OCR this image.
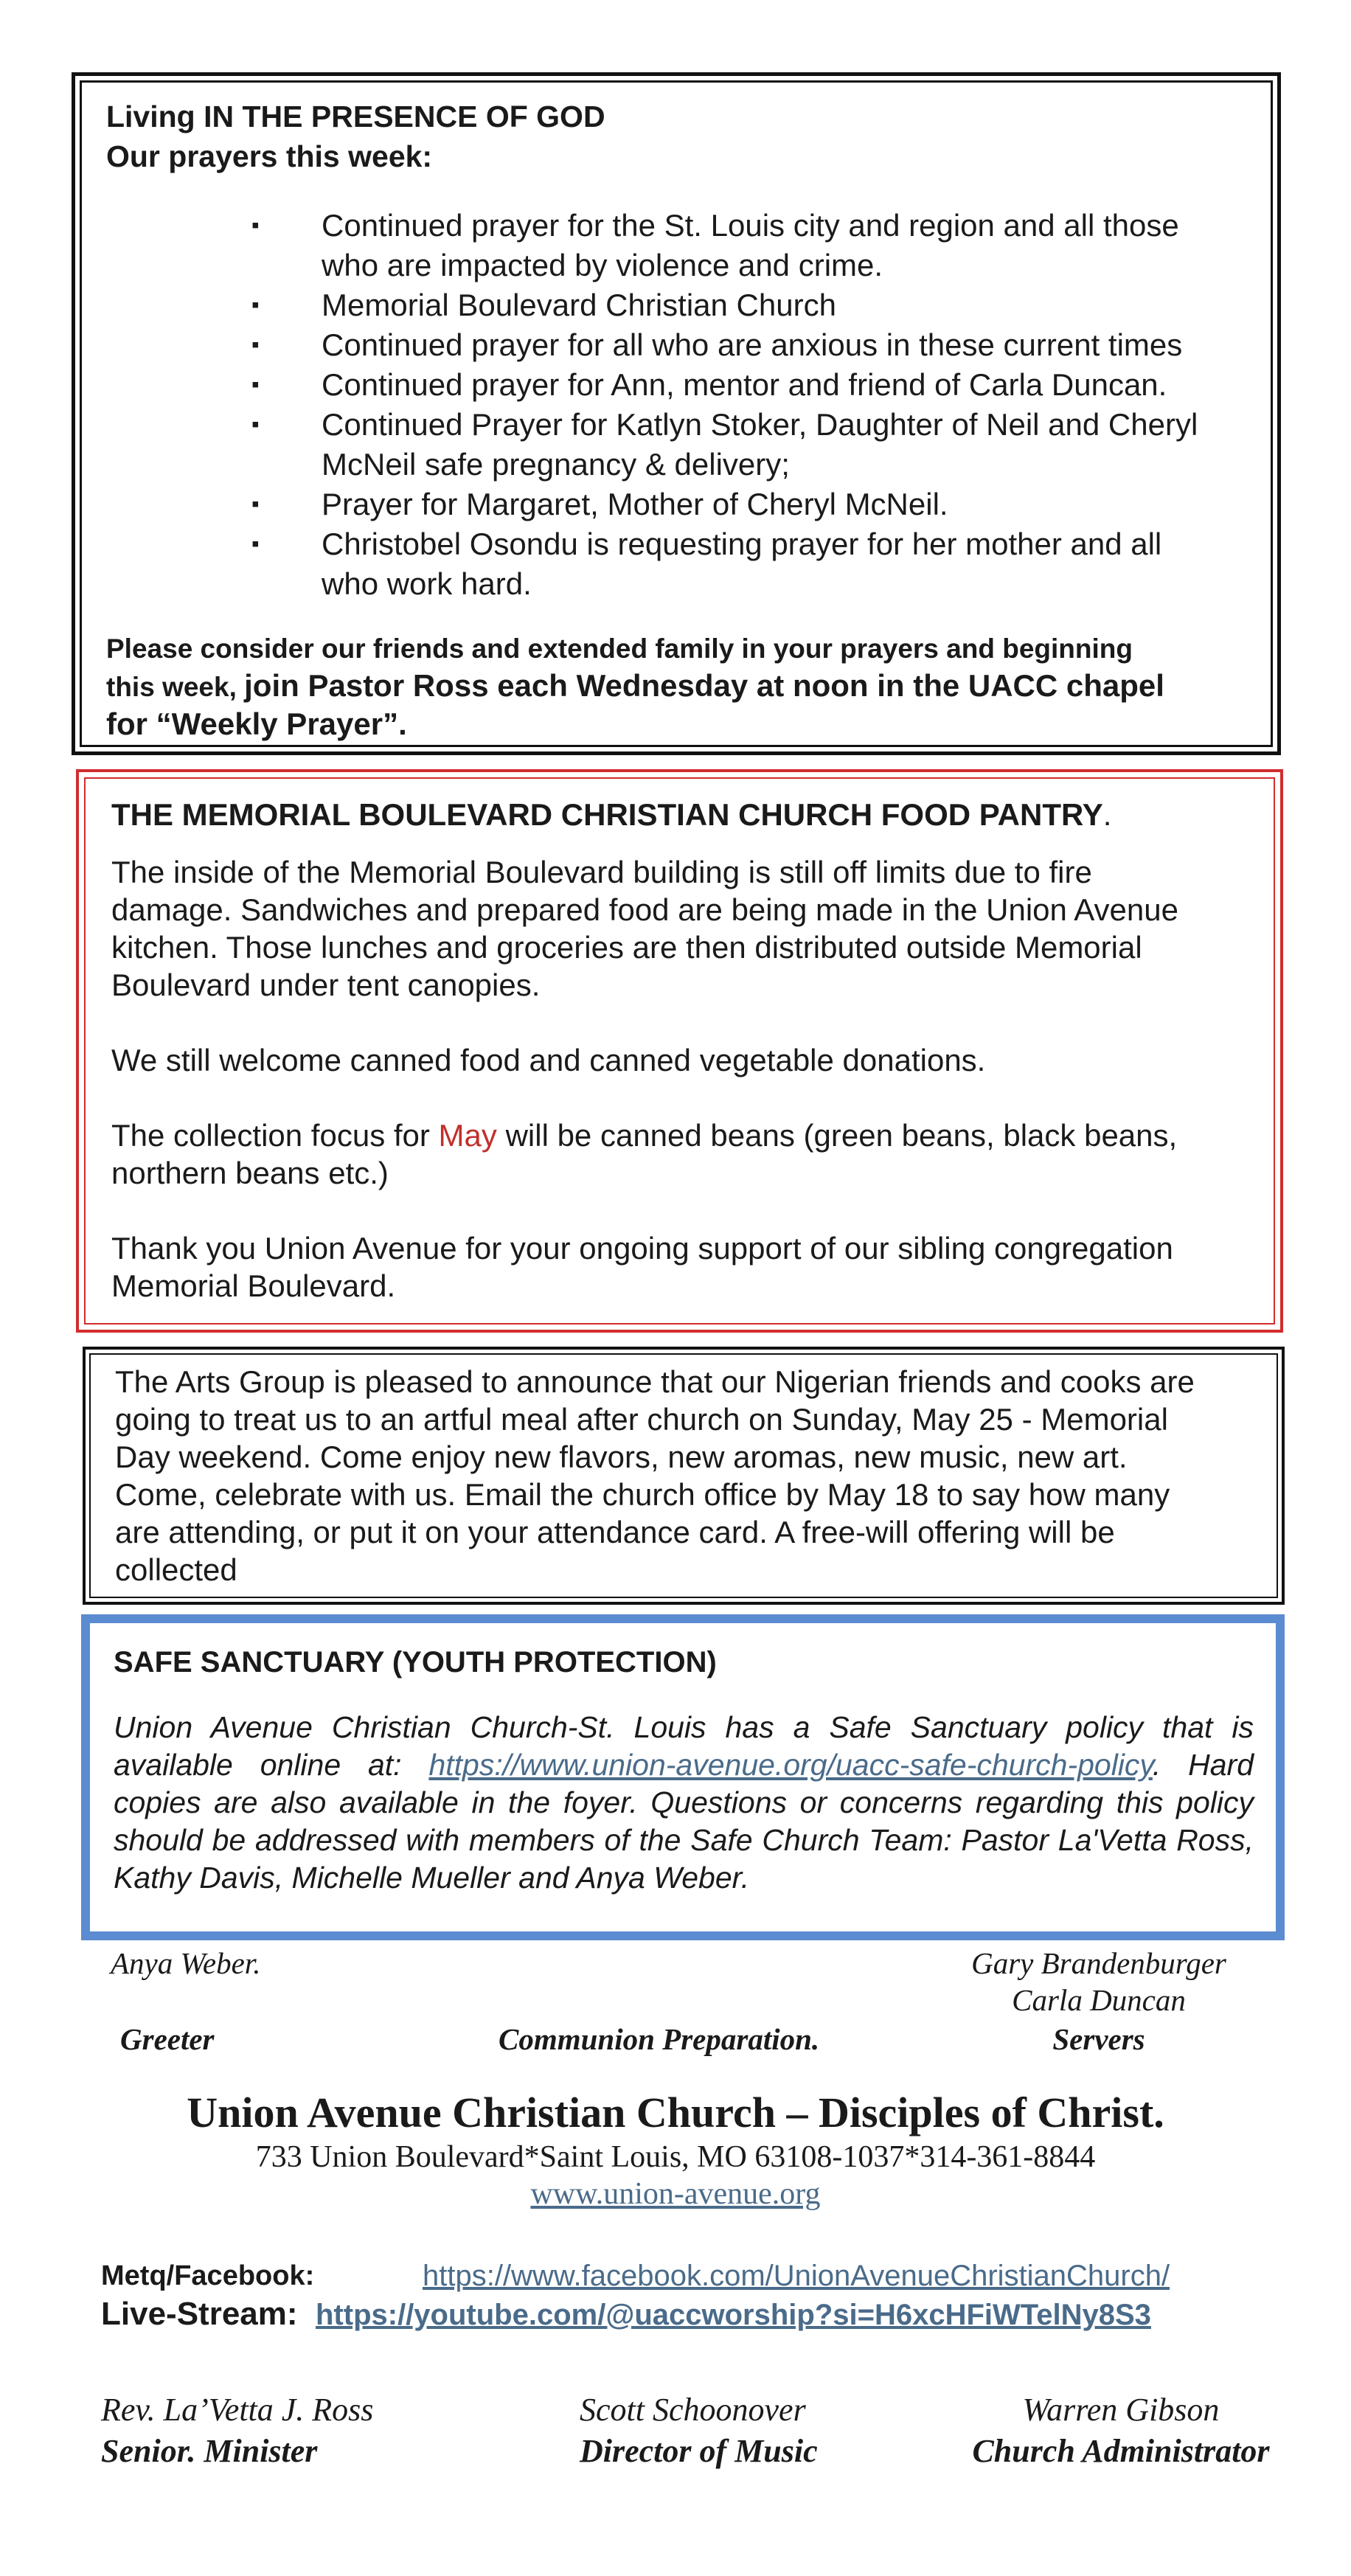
Living IN THE PRESENCE OF GOD
Our prayers this week:
▪ Continued prayer for the St. Louis city and region and all those
who are impacted by violence and crime.
▪ Memorial Boulevard Christian Church
▪ Continued prayer for all who are anxious in these current times
▪ Continued prayer for Ann, mentor and friend of Carla Duncan.
▪ Continued Prayer for Katlyn Stoker, Daughter of Neil and Cheryl
McNeil safe pregnancy & delivery;
▪ Prayer for Margaret, Mother of Cheryl McNeil.
▪ Christobel Osondu is requesting prayer for her mother and all
who work hard.
Please consider our friends and extended family in your prayers and beginning
this week, join Pastor Ross each Wednesday at noon in the UACC chapel
for “Weekly Prayer”.
THE MEMORIAL BOULEVARD CHRISTIAN CHURCH FOOD PANTRY.

The inside of the Memorial Boulevard building is still off limits due to fire
damage. Sandwiches and prepared food are being made in the Union Avenue
kitchen. Those lunches and groceries are then distributed outside Memorial
Boulevard under tent canopies.

We still welcome canned food and canned vegetable donations.

The collection focus for May will be canned beans (green beans, black beans,
northern beans etc.)

Thank you Union Avenue for your ongoing support of our sibling congregation
Memorial Boulevard.

The Arts Group is pleased to announce that our Nigerian friends and cooks are
going to treat us to an artful meal after church on Sunday, May 25 - Memorial
Day weekend. Come enjoy new flavors, new aromas, new music, new art.
Come, celebrate with us. Email the church office by May 18 to say how many
are attending, or put it on your attendance card. A free-will offering will be
collected

SAFE SANCTUARY (YOUTH PROTECTION)

Union Avenue Christian Church-St. Louis has a Safe Sanctuary policy that is available online at: https://www.union-avenue.org/uacc-safe-church-policy. Hard copies are also available in the foyer. Questions or concerns regarding this policy should be addressed with members of the Safe Church Team: Pastor La'Vetta Ross, Kathy Davis, Michelle Mueller and Anya Weber.

Anya Weber.	Gary Brandenburger
Carla Duncan
Greeter	Communion Preparation.	Servers
Union Avenue Christian Church – Disciples of Christ.
733 Union Boulevard*Saint Louis, MO 63108-1037*314-361-8844
www.union-avenue.org
Metq/Facebook:	https://www.facebook.com/UnionAvenueChristianChurch/
Live-Stream: https://youtube.com/@uaccworship?si=H6xcHFiWTelNy8S3
Rev. La’Vetta J. Ross
Senior. Minister
Scott Schoonover
Director of Music
Warren Gibson
Church Administrator
